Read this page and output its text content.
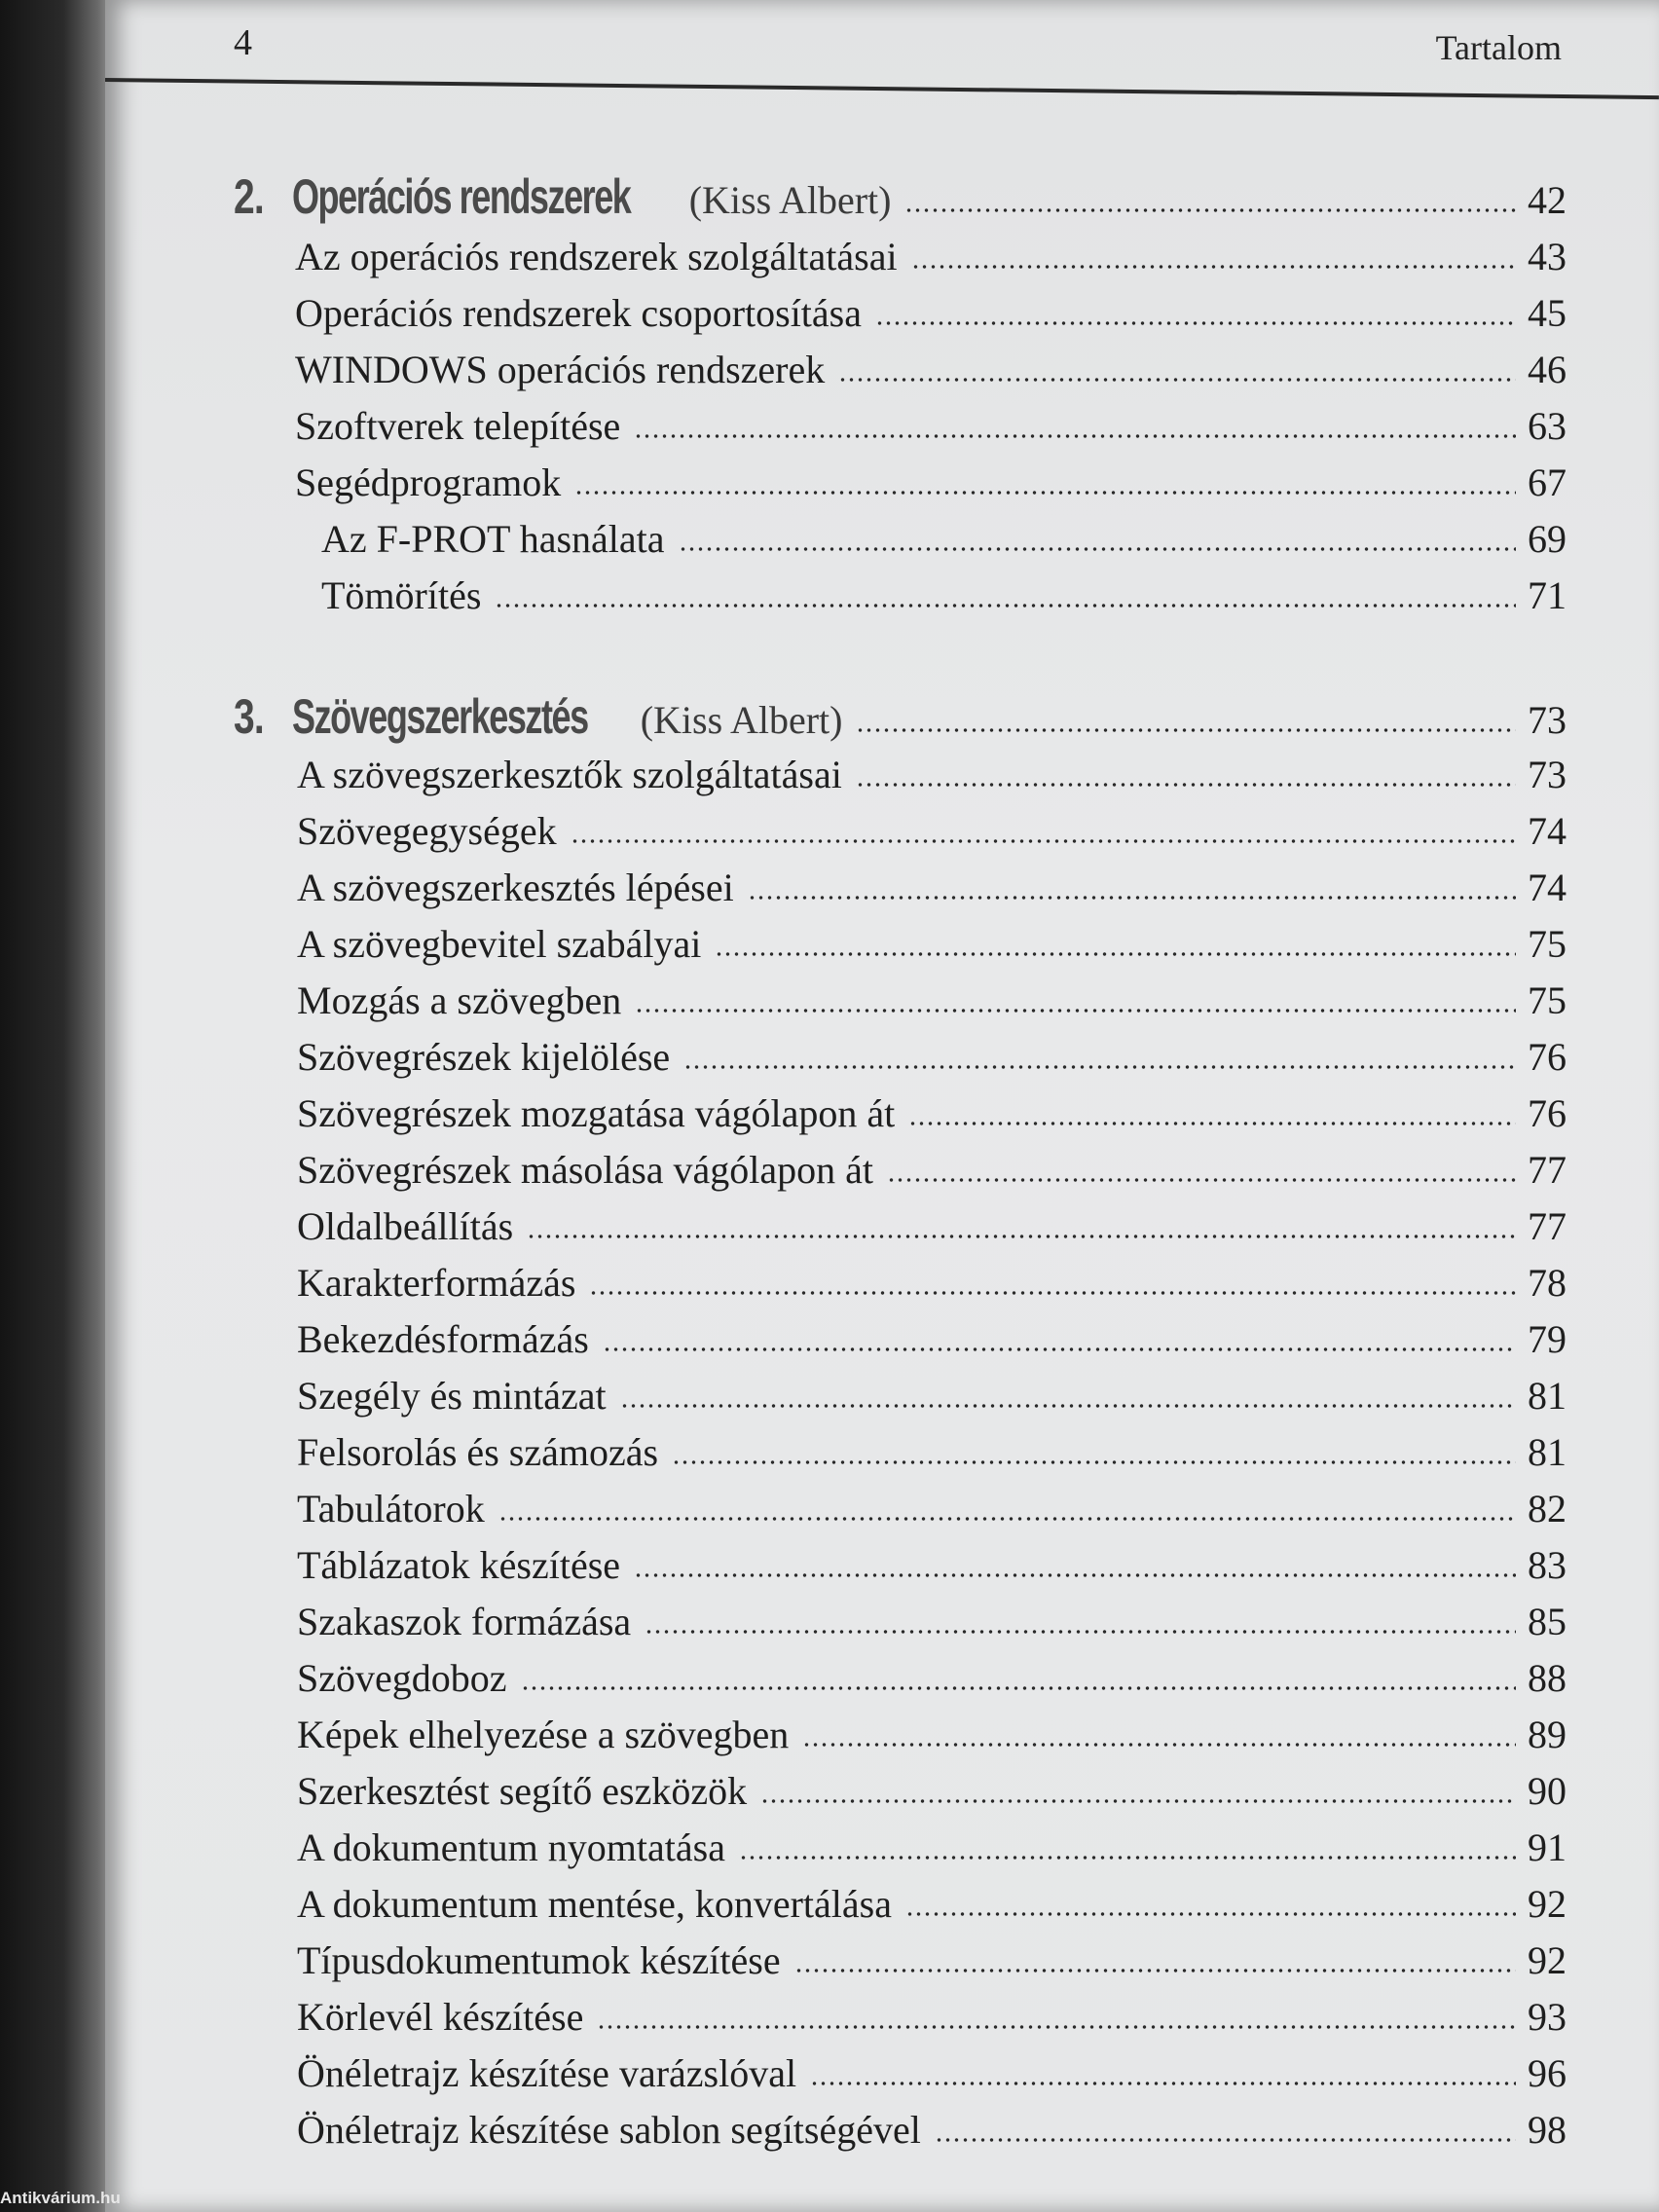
4	Tartalom
2. Operációs rendszerek	(Kiss Albert)	42
Az operációs rendszerek szolgáltatásai	43
Operációs rendszerek csoportosítása	45
WINDOWS operációs rendszerek	46
Szoftverek telepítése	63
Segédprogramok	67
Az F-PROT hasnálata	69
Tömörítés	71
3. Szövegszerkesztés	(Kiss Albert)	73
A szövegszerkesztők szolgáltatásai	73
Szövegegységek	74
A szövegszerkesztés lépései	74
A szövegbevitel szabályai	75
Mozgás a szövegben	75
Szövegrészek kijelölése	76
Szövegrészek mozgatása vágólapon át	76
Szövegrészek másolása vágólapon át	77
Oldalbeállítás	77
Karakterformázás	78
Bekezdésformázás	79
Szegély és mintázat	81
Felsorolás és számozás	81
Tabulátorok	82
Táblázatok készítése	83
Szakaszok formázása	85
Szövegdoboz	88
Képek elhelyezése a szövegben	89
Szerkesztést segítő eszközök	90
A dokumentum nyomtatása	91
A dokumentum mentése, konvertálása	92
Típusdokumentumok készítése	92
Körlevél készítése	93
Önéletrajz készítése varázslóval	96
Önéletrajz készítése sablon segítségével	98
Antikvárium.hu
